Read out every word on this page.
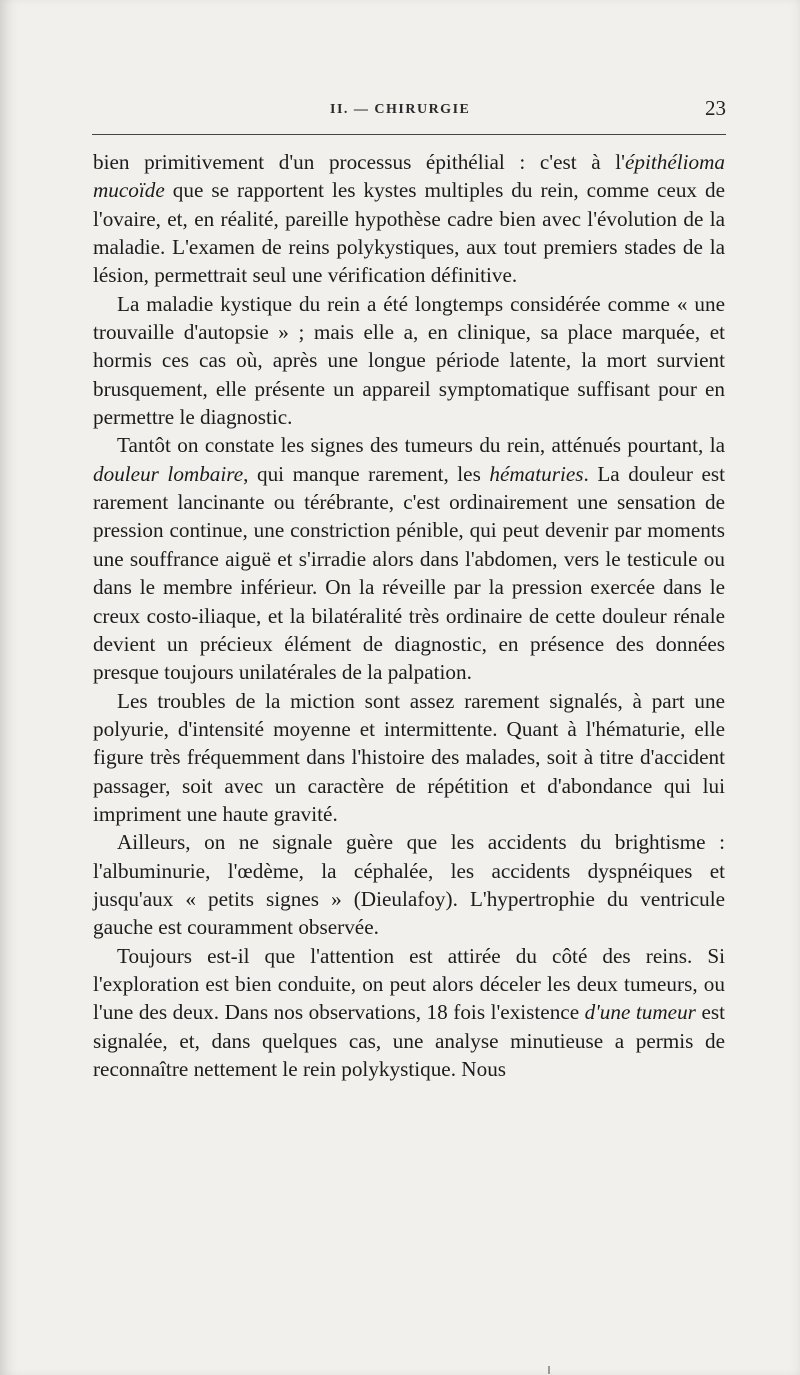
II. — CHIRURGIE	23

bien primitivement d'un processus épithélial : c'est à l'épithélioma mucoïde que se rapportent les kystes multiples du rein, comme ceux de l'ovaire, et, en réalité, pareille hypothèse cadre bien avec l'évolution de la maladie. L'examen de reins polykystiques, aux tout premiers stades de la lésion, permettrait seul une vérification définitive.

La maladie kystique du rein a été longtemps considérée comme « une trouvaille d'autopsie » ; mais elle a, en clinique, sa place marquée, et hormis ces cas où, après une longue période latente, la mort survient brusquement, elle présente un appareil symptomatique suffisant pour en permettre le diagnostic.

Tantôt on constate les signes des tumeurs du rein, atténués pourtant, la douleur lombaire, qui manque rarement, les hématuries. La douleur est rarement lancinante ou térébrante, c'est ordinairement une sensation de pression continue, une constriction pénible, qui peut devenir par moments une souffrance aiguë et s'irradie alors dans l'abdomen, vers le testicule ou dans le membre inférieur. On la réveille par la pression exercée dans le creux costo-iliaque, et la bilatéralité très ordinaire de cette douleur rénale devient un précieux élément de diagnostic, en présence des données presque toujours unilatérales de la palpation.

Les troubles de la miction sont assez rarement signalés, à part une polyurie, d'intensité moyenne et intermittente. Quant à l'hématurie, elle figure très fréquemment dans l'histoire des malades, soit à titre d'accident passager, soit avec un caractère de répétition et d'abondance qui lui impriment une haute gravité.

Ailleurs, on ne signale guère que les accidents du brightisme : l'albuminurie, l'œdème, la céphalée, les accidents dyspnéiques et jusqu'aux « petits signes » (Dieulafoy). L'hypertrophie du ventricule gauche est couramment observée.

Toujours est-il que l'attention est attirée du côté des reins. Si l'exploration est bien conduite, on peut alors déceler les deux tumeurs, ou l'une des deux. Dans nos observations, 18 fois l'existence d'une tumeur est signalée, et, dans quelques cas, une analyse minutieuse a permis de reconnaître nettement le rein polykystique. Nous
